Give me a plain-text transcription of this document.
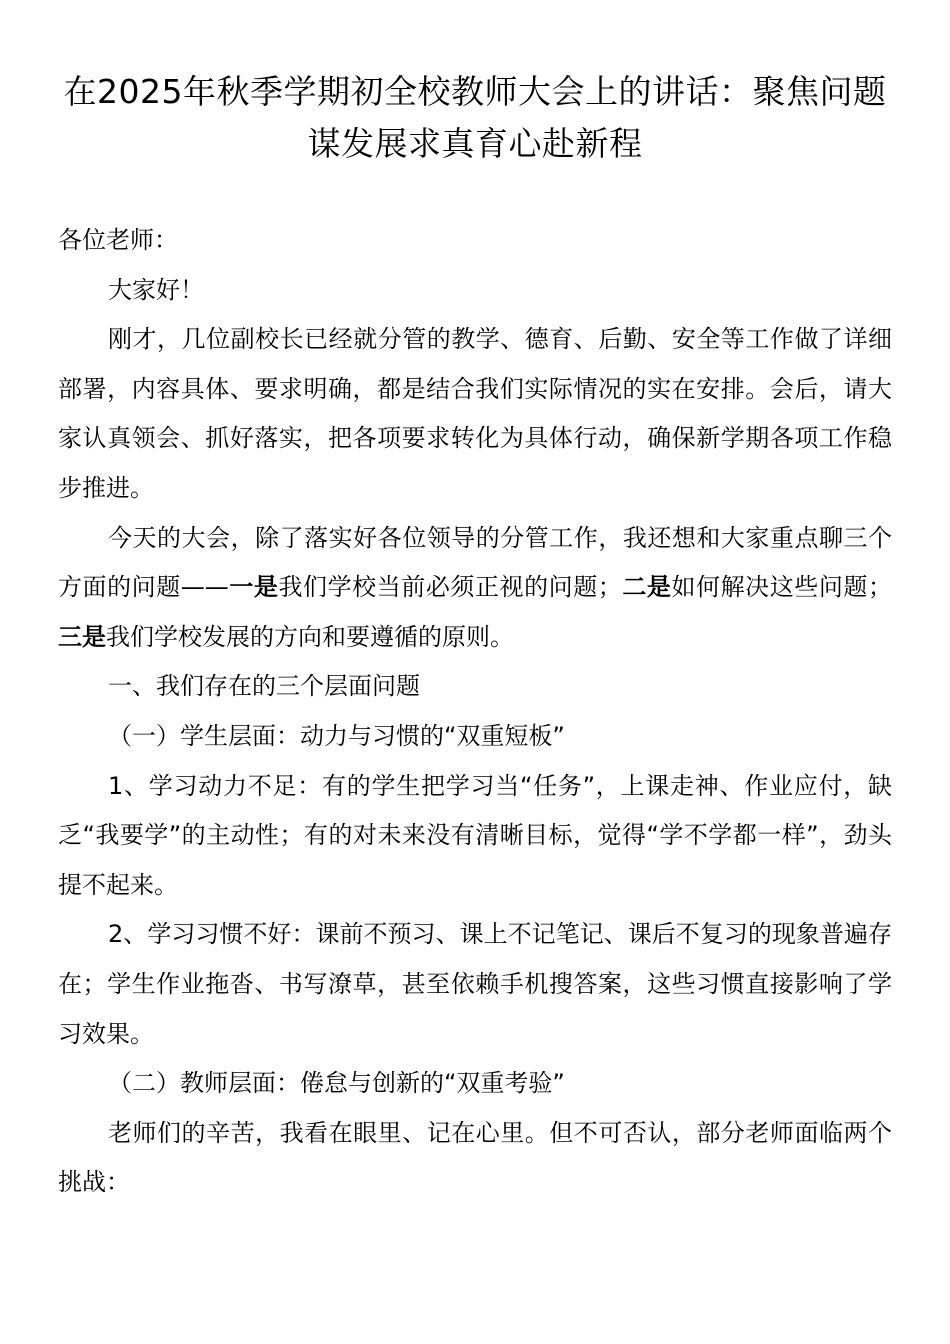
在2025年秋季学期初全校教师大会上的讲话：聚焦问题谋发展求真育心赴新程

各位老师：

大家好！

刚才，几位副校长已经就分管的教学、德育、后勤、安全等工作做了详细部署，内容具体、要求明确，都是结合我们实际情况的实在安排。会后，请大家认真领会、抓好落实，把各项要求转化为具体行动，确保新学期各项工作稳步推进。

今天的大会，除了落实好各位领导的分管工作，我还想和大家重点聊三个方面的问题——一是我们学校当前必须正视的问题；二是如何解决这些问题；三是我们学校发展的方向和要遵循的原则。

一、我们存在的三个层面问题

（一）学生层面：动力与习惯的“双重短板”

1、学习动力不足：有的学生把学习当“任务”，上课走神、作业应付，缺乏“我要学”的主动性；有的对未来没有清晰目标，觉得“学不学都一样”，劲头提不起来。

2、学习习惯不好：课前不预习、课上不记笔记、课后不复习的现象普遍存在；学生作业拖沓、书写潦草，甚至依赖手机搜答案，这些习惯直接影响了学习效果。

（二）教师层面：倦怠与创新的“双重考验”

老师们的辛苦，我看在眼里、记在心里。但不可否认，部分老师面临两个挑战：
